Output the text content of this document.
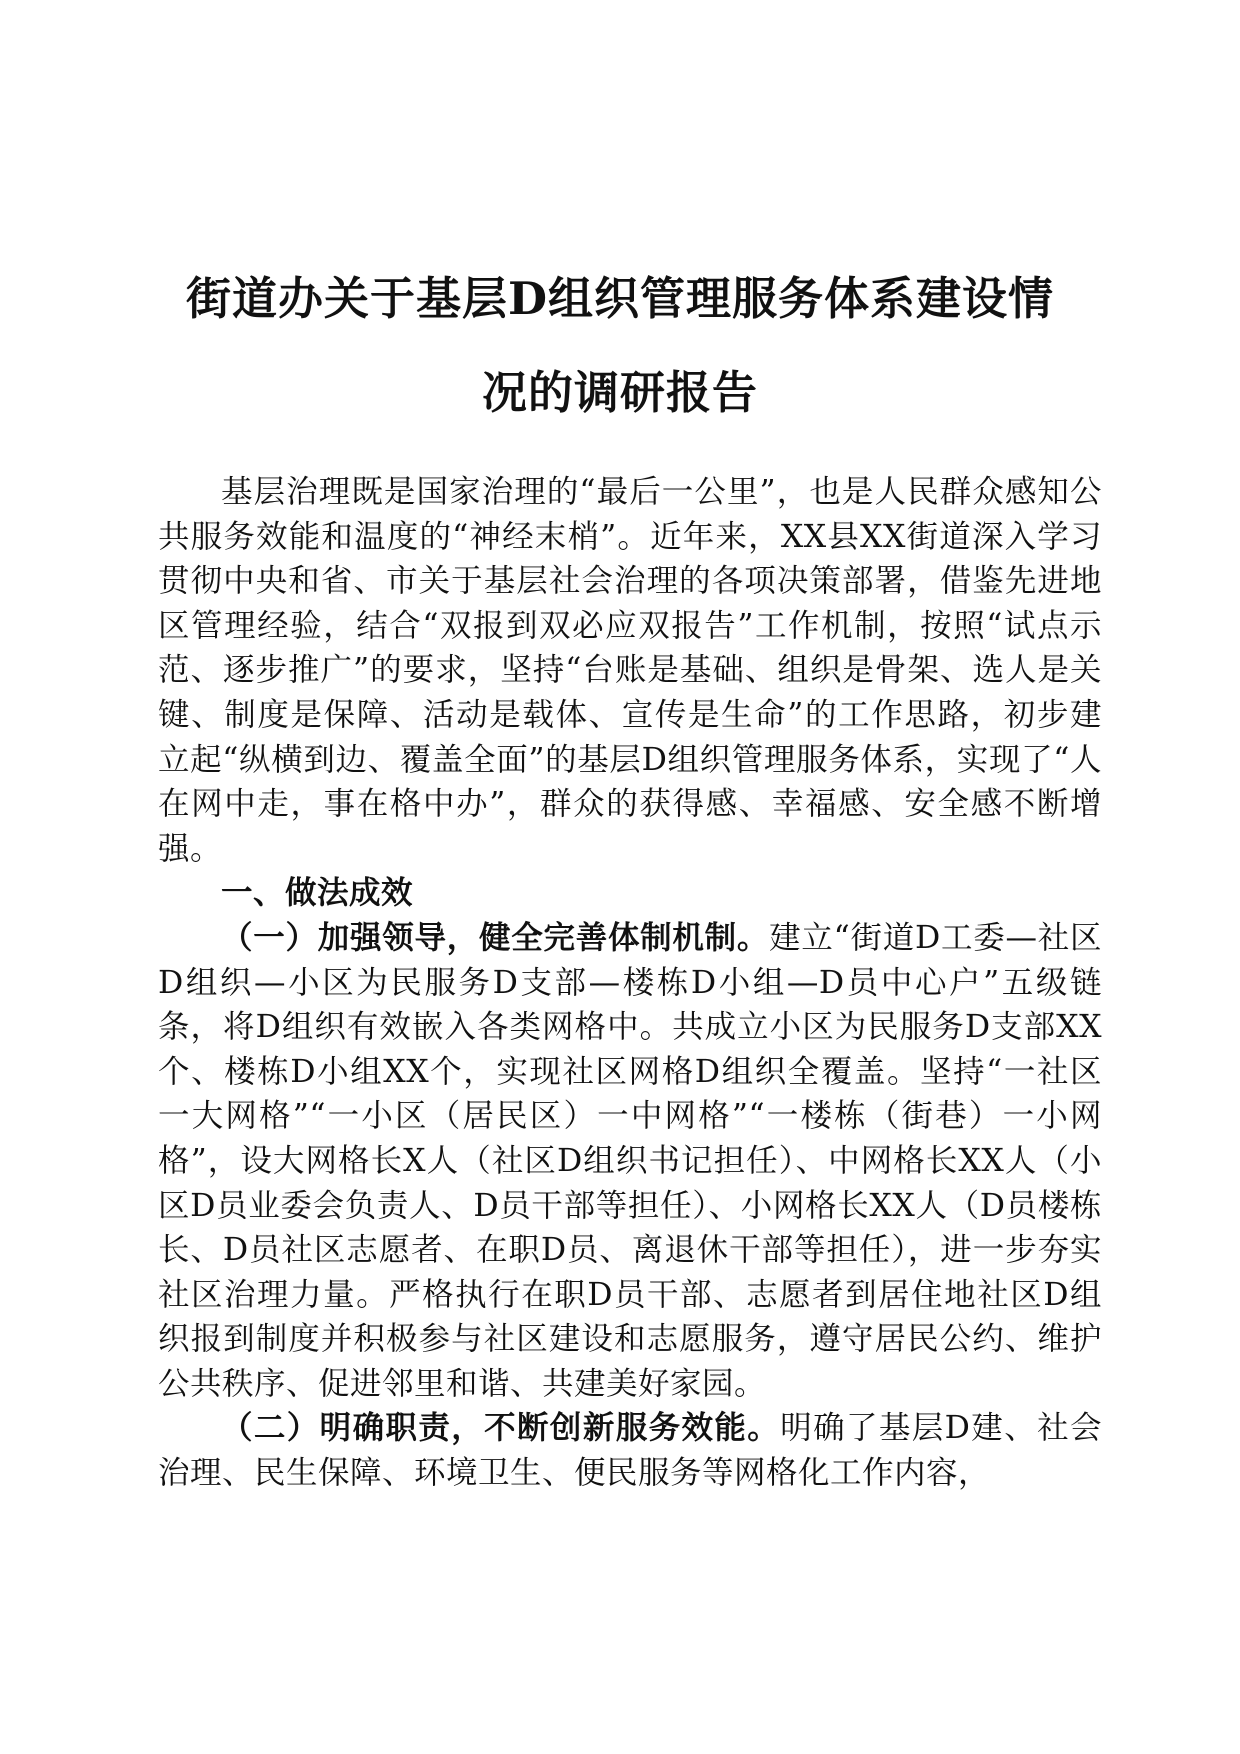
街道办关于基层D组织管理服务体系建设情
况的调研报告

基层治理既是国家治理的“最后一公里”，也是人民群众感知公共服务效能和温度的“神经末梢”。近年来，XX县XX街道深入学习贯彻中央和省、市关于基层社会治理的各项决策部署，借鉴先进地区管理经验，结合“双报到双必应双报告”工作机制，按照“试点示范、逐步推广”的要求，坚持“台账是基础、组织是骨架、选人是关键、制度是保障、活动是载体、宣传是生命”的工作思路，初步建立起“纵横到边、覆盖全面”的基层D组织管理服务体系，实现了“人在网中走，事在格中办”，群众的获得感、幸福感、安全感不断增强。

一、做法成效

（一）加强领导，健全完善体制机制。建立“街道D工委—社区D组织—小区为民服务D支部—楼栋D小组—D员中心户”五级链条，将D组织有效嵌入各类网格中。共成立小区为民服务D支部XX个、楼栋D小组XX个，实现社区网格D组织全覆盖。坚持“一社区一大网格”“一小区（居民区）一中网格”“一楼栋（街巷）一小网格”，设大网格长X人（社区D组织书记担任）、中网格长XX人（小区D员业委会负责人、D员干部等担任）、小网格长XX人（D员楼栋长、D员社区志愿者、在职D员、离退休干部等担任），进一步夯实社区治理力量。严格执行在职D员干部、志愿者到居住地社区D组织报到制度并积极参与社区建设和志愿服务，遵守居民公约、维护公共秩序、促进邻里和谐、共建美好家园。

（二）明确职责，不断创新服务效能。明确了基层D建、社会治理、民生保障、环境卫生、便民服务等网格化工作内容，
